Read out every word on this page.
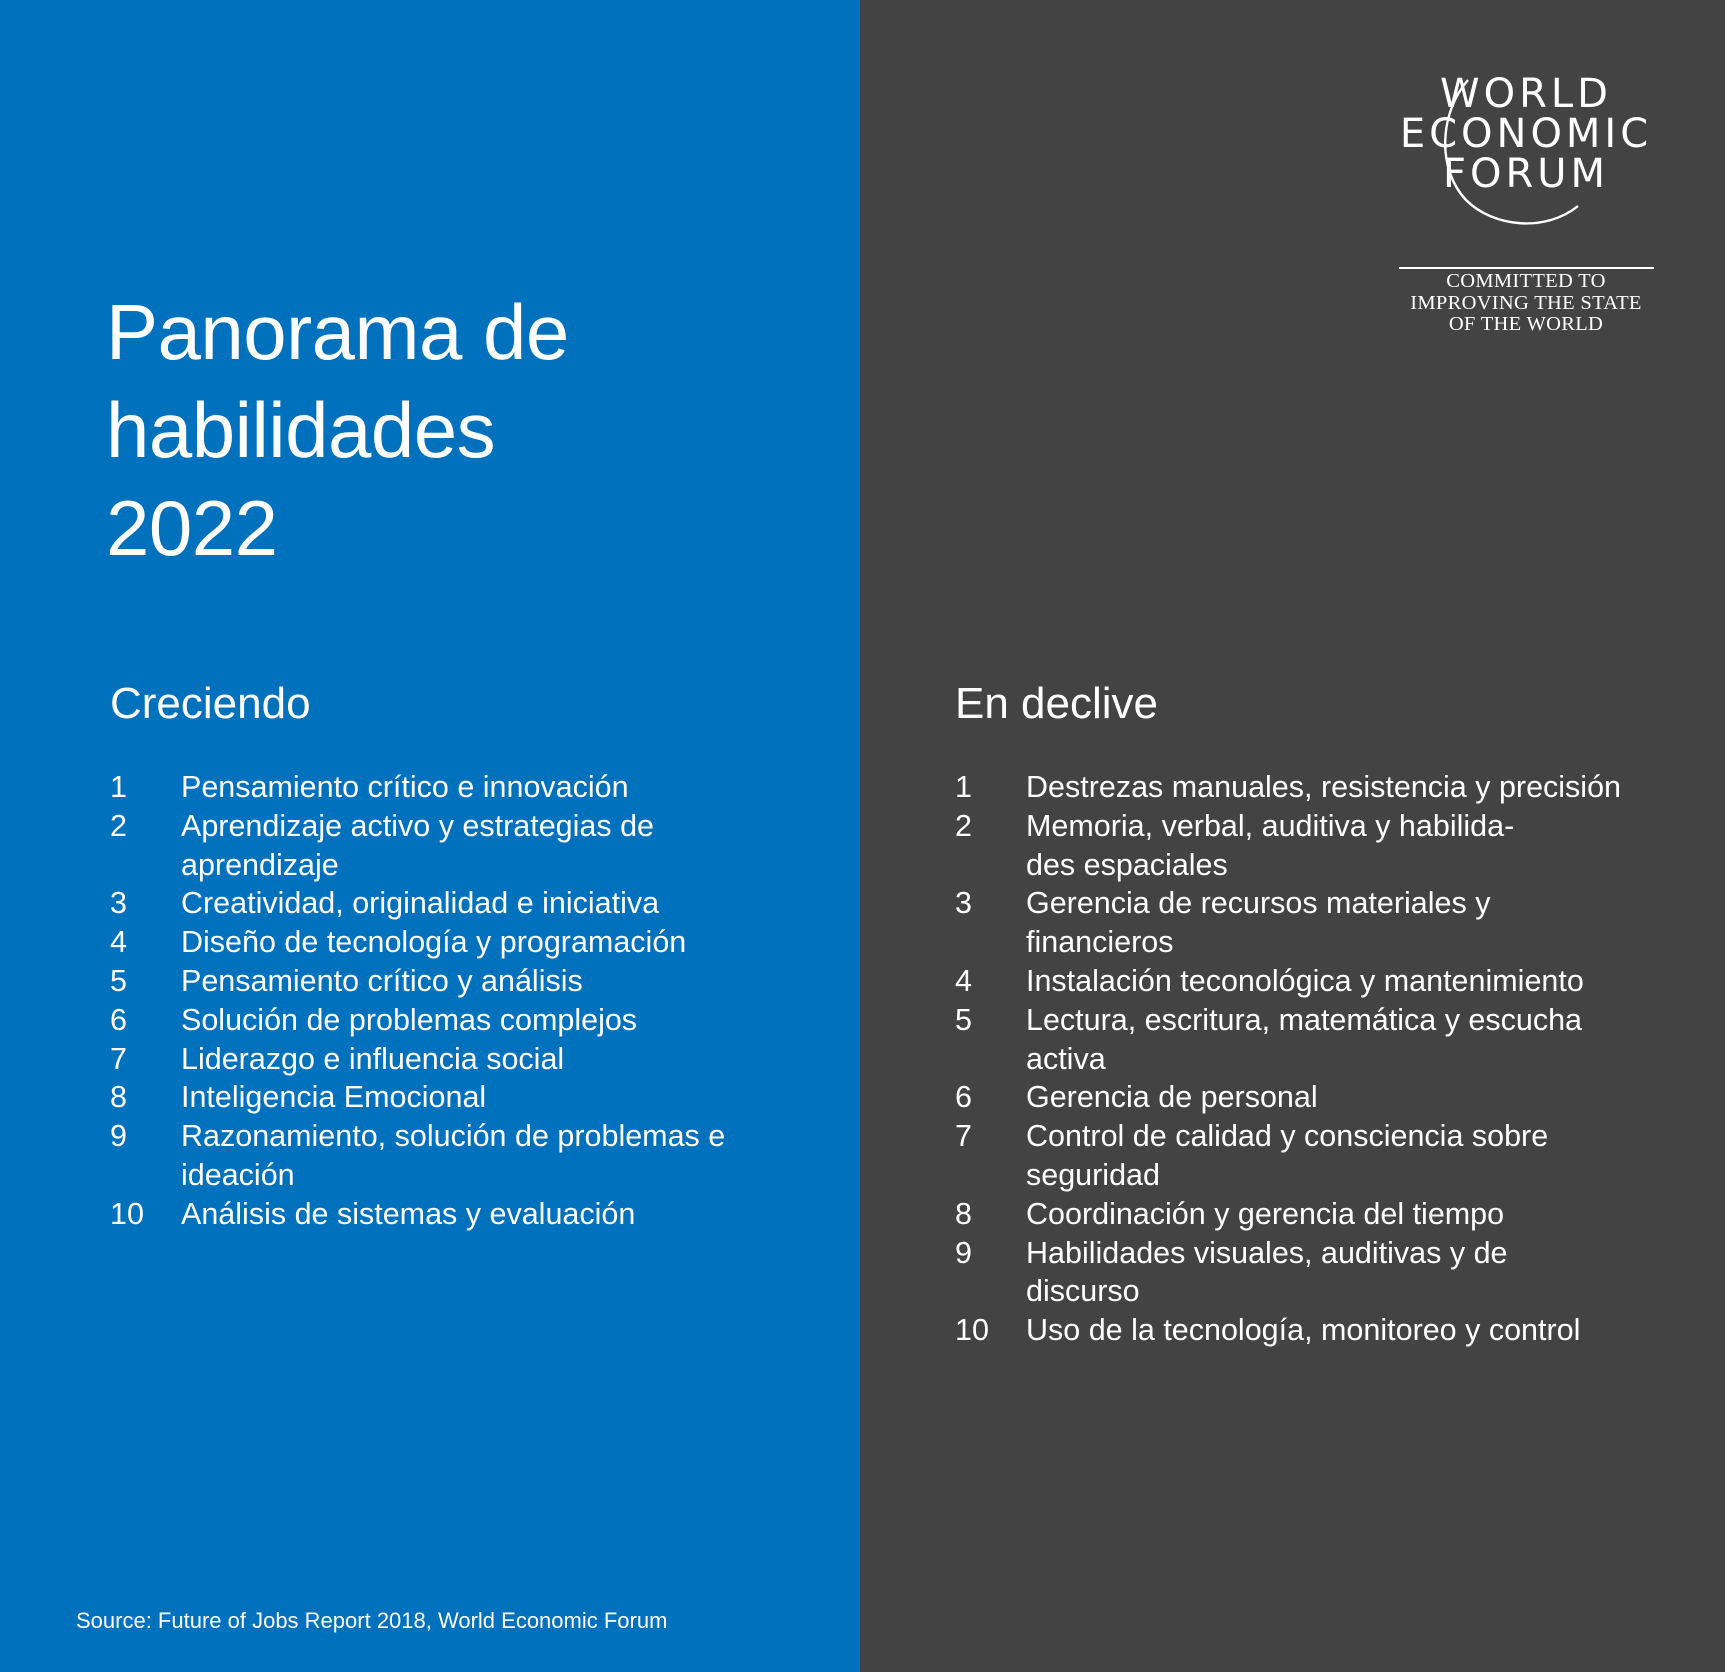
WORLD
ECONOMIC
FORUM
COMMITTED TO
IMPROVING THE STATE
OF THE WORLD
Panorama de
habilidades
2022
Creciendo
1	Pensamiento crítico e innovación
2	Aprendizaje activo y estrategias de
aprendizaje
3	Creatividad, originalidad e iniciativa
4	Diseño de tecnología y programación
5	Pensamiento crítico y análisis
6	Solución de problemas complejos
7	Liderazgo e influencia social
8	Inteligencia Emocional
9	Razonamiento, solución de problemas e
ideación
10	Análisis de sistemas y evaluación
En declive
1	Destrezas manuales, resistencia y precisión
2	Memoria, verbal, auditiva y habilida-
des espaciales
3	Gerencia de recursos materiales y
financieros
4	Instalación teconológica y mantenimiento
5	Lectura, escritura, matemática y escucha
activa
6	Gerencia de personal
7	Control de calidad y consciencia sobre
seguridad
8	Coordinación y gerencia del tiempo
9	Habilidades visuales, auditivas y de
discurso
10	Uso de la tecnología, monitoreo y control

Source: Future of Jobs Report 2018, World Economic Forum
